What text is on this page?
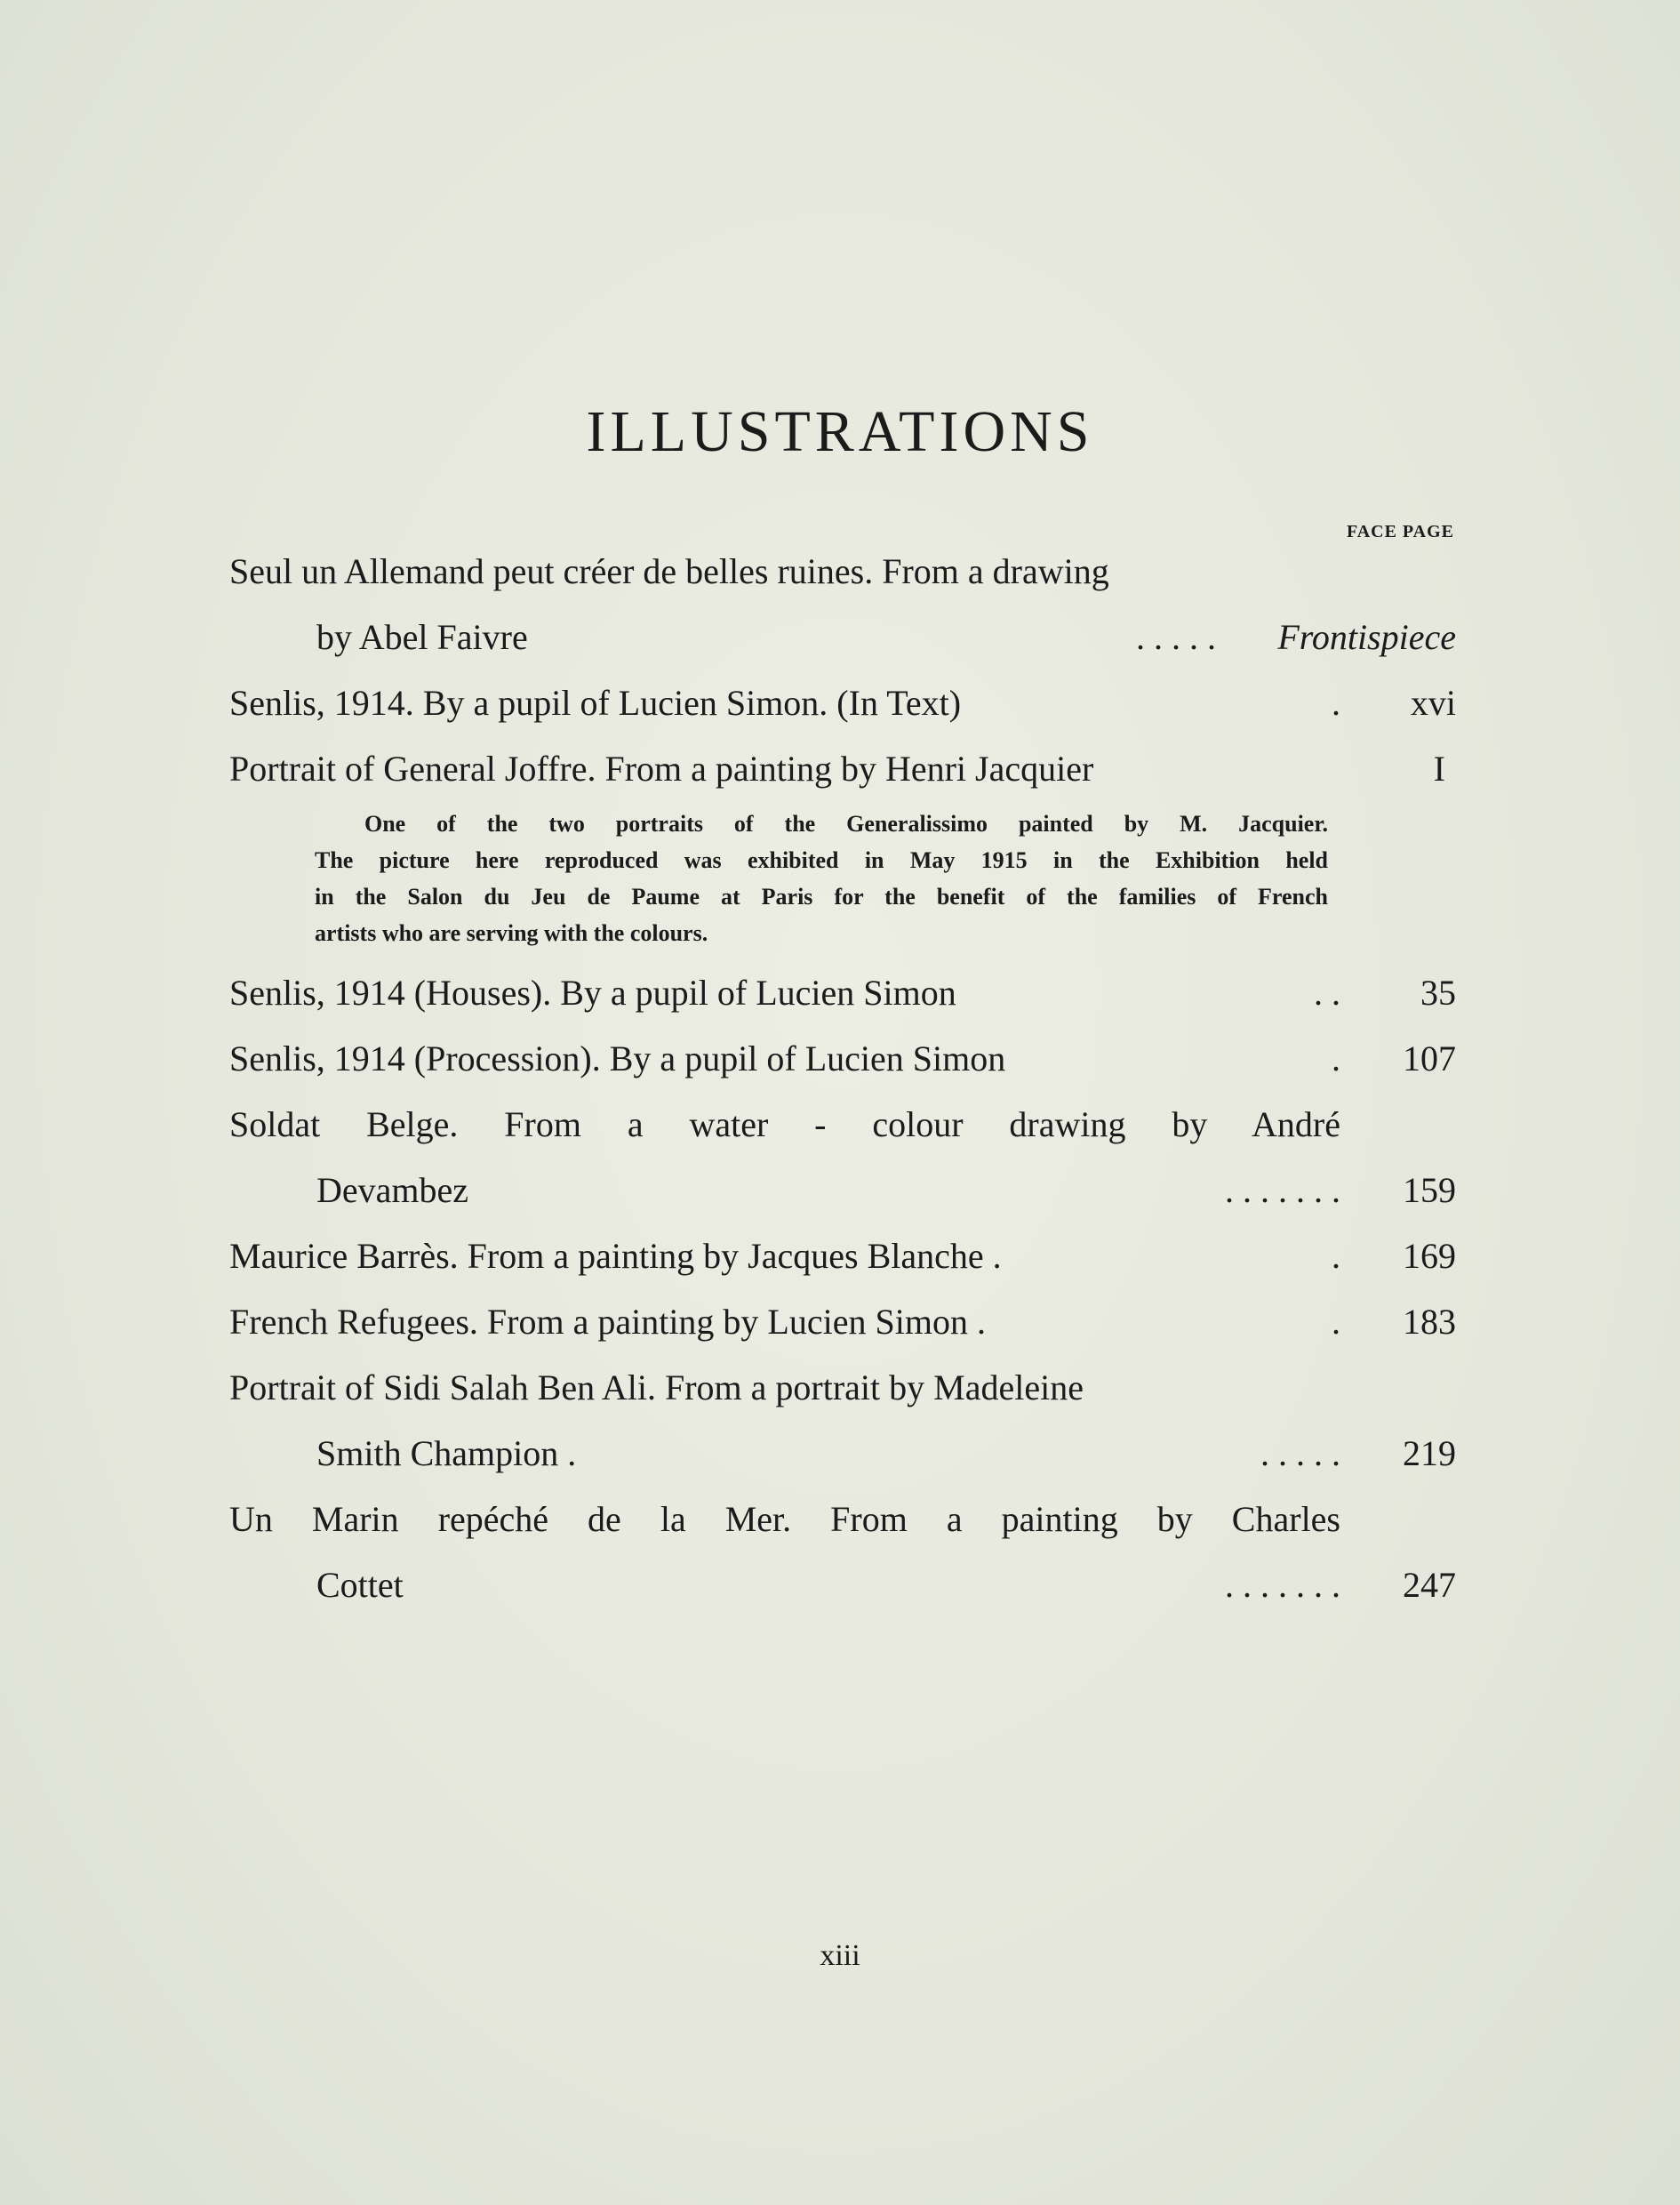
ILLUSTRATIONS
FACE PAGE
Seul un Allemand peut créer de belles ruines. From a drawing
by Abel Faivre	. . . . . Frontispiece
Senlis, 1914. By a pupil of Lucien Simon. (In Text)	. xvi
Portrait of General Joffre. From a painting by Henri Jacquier	I
One of the two portraits of the Generalissimo painted by M. Jacquier.
The picture here reproduced was exhibited in May 1915 in the Exhibition held
in the Salon du Jeu de Paume at Paris for the benefit of the families of French
artists who are serving with the colours.
Senlis, 1914 (Houses). By a pupil of Lucien Simon	. . 35
Senlis, 1914 (Procession). By a pupil of Lucien Simon	. 107
Soldat Belge. From a water - colour drawing by André
Devambez	. . . . . . . 159
Maurice Barrès. From a painting by Jacques Blanche .	. 169
French Refugees. From a painting by Lucien Simon .	. 183
Portrait of Sidi Salah Ben Ali. From a portrait by Madeleine
Smith Champion .	. . . . . 219
Un Marin repéché de la Mer. From a painting by Charles
Cottet	. . . . . . . 247
xiii
